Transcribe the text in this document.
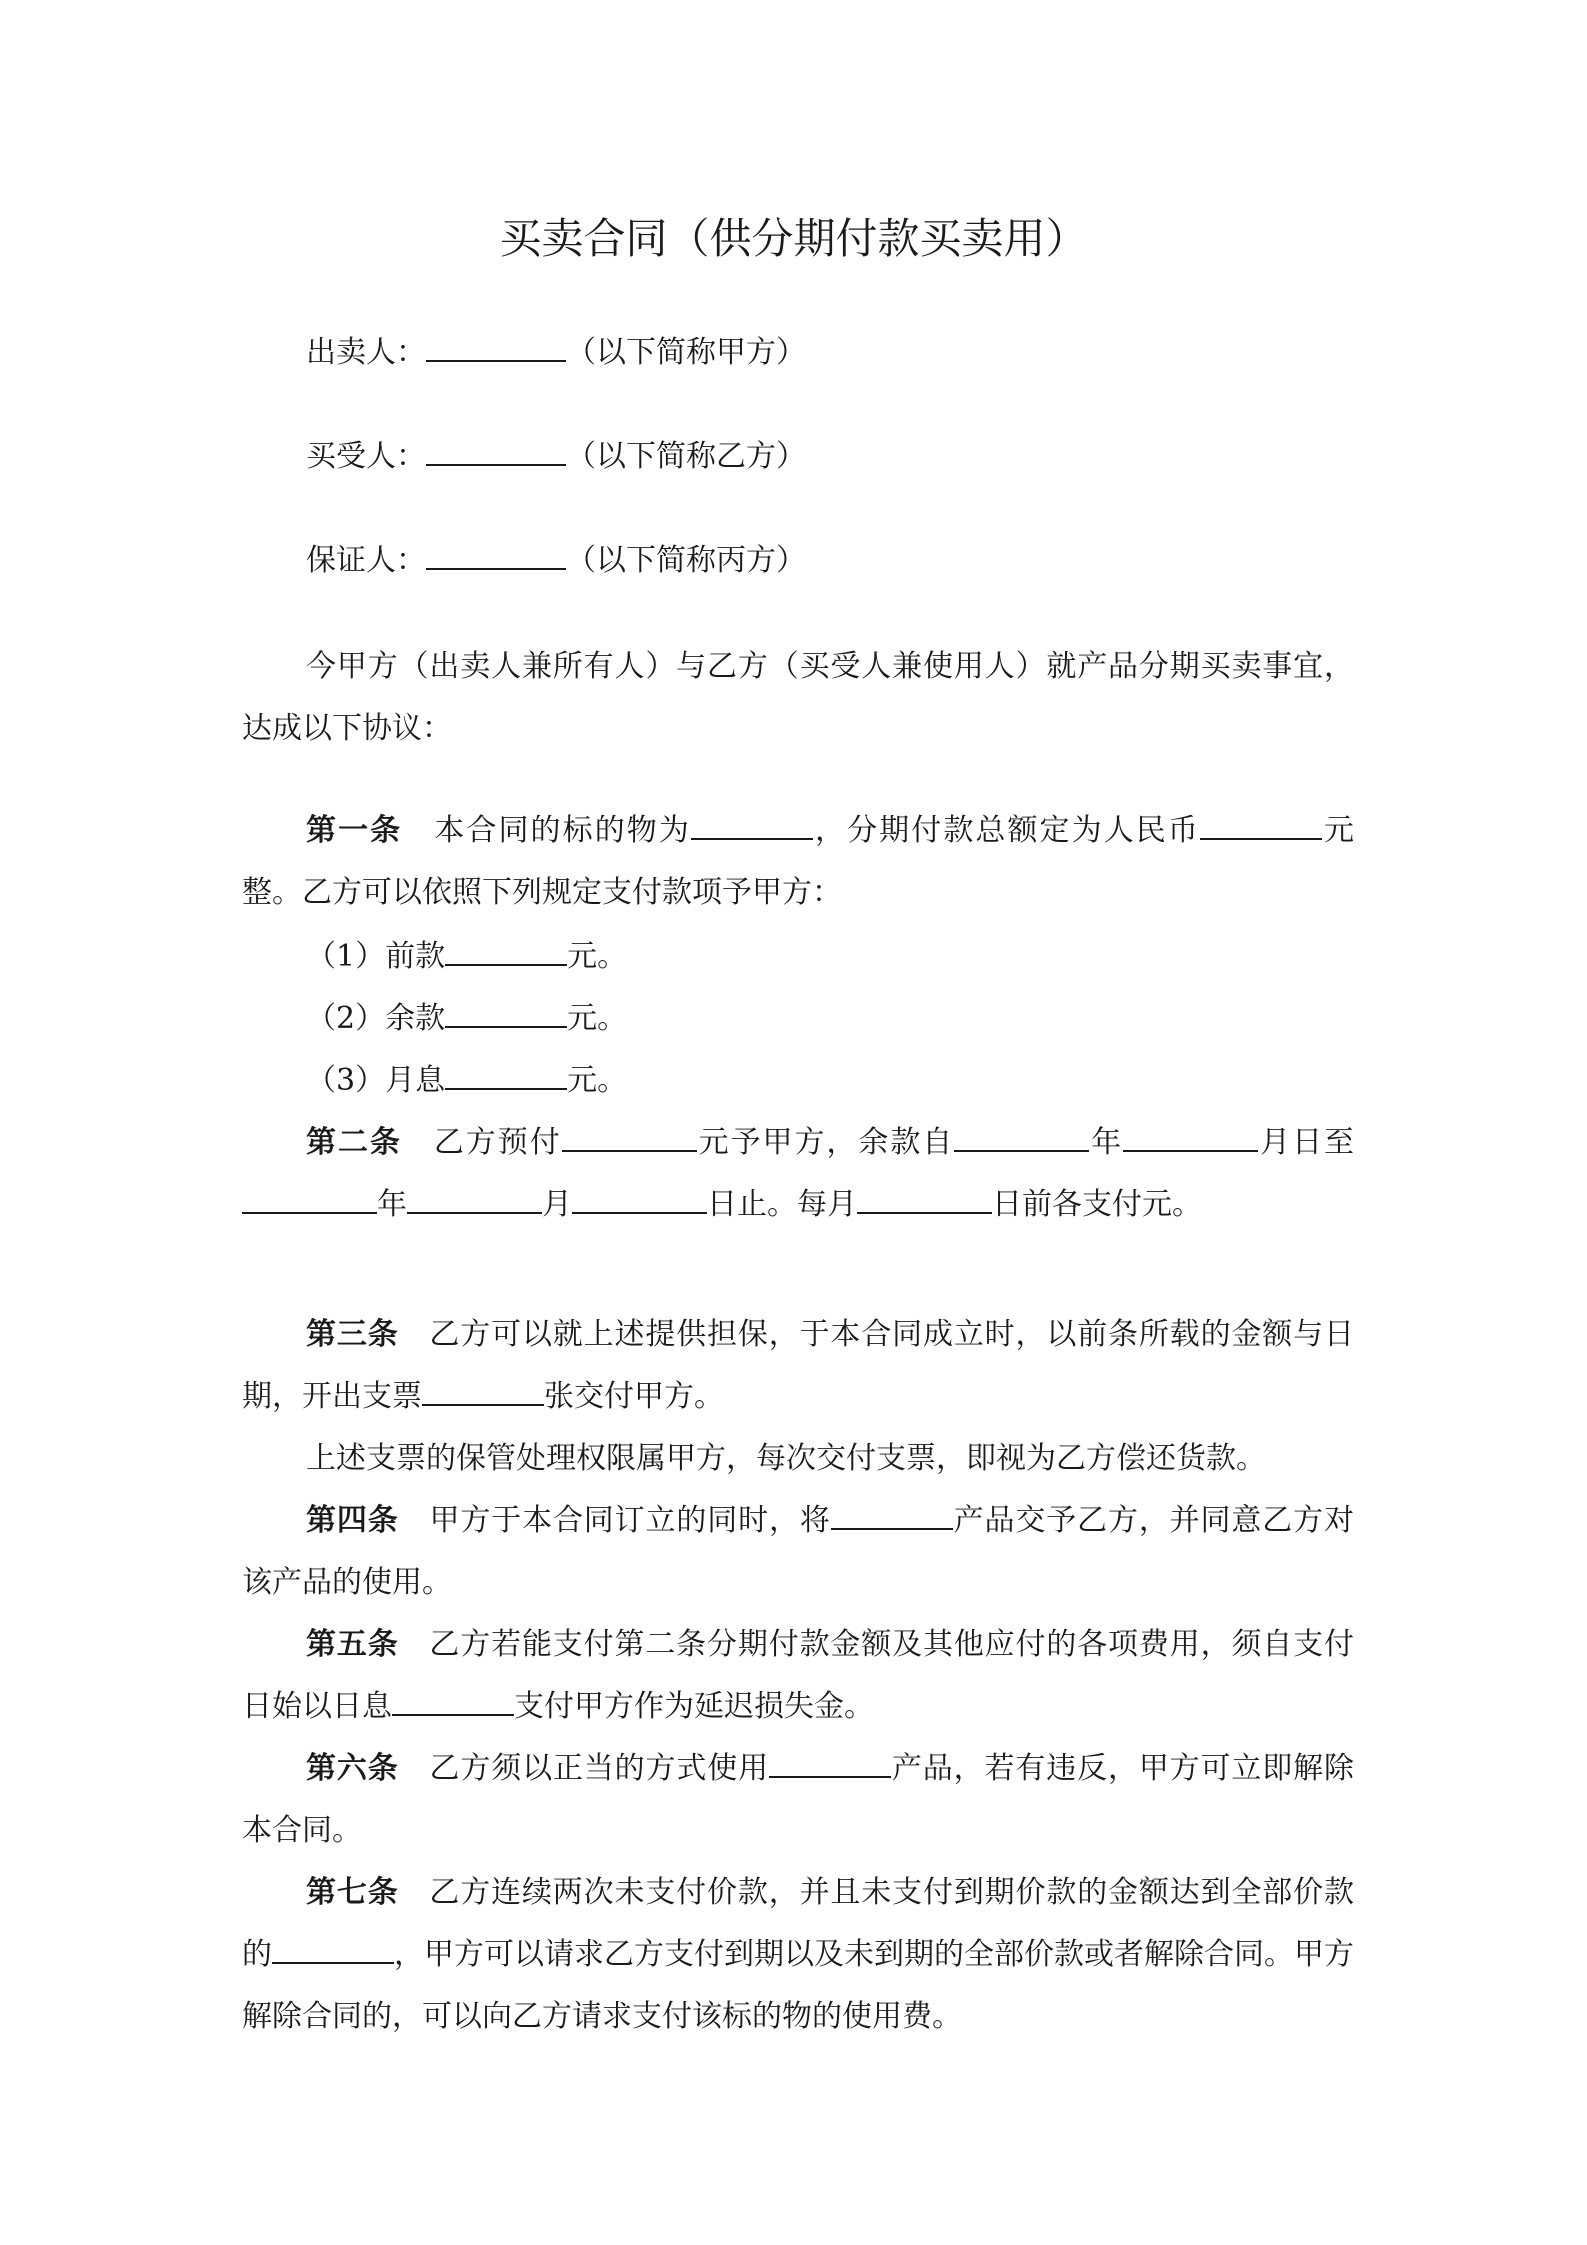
买卖合同（供分期付款买卖用）

出卖人：	（以下简称甲方）

买受人：	（以下简称乙方）

保证人：	（以下简称丙方）

今甲方（出卖人兼所有人）与乙方（买受人兼使用人）就产品分期买卖事宜，达成以下协议：

第一条 本合同的标的物为	，分期付款总额定为人民币	元整。乙方可以依照下列规定支付款项予甲方：

（1）前款	元。

（2）余款	元。

（3）月息	元。

第二条 乙方预付	元予甲方，余款自	年	月日至年	月	日止。每月	日前各支付元。

第三条 乙方可以就上述提供担保，于本合同成立时，以前条所载的金额与日期，开出支票	张交付甲方。

上述支票的保管处理权限属甲方，每次交付支票，即视为乙方偿还货款。

第四条 甲方于本合同订立的同时，将	产品交予乙方，并同意乙方对该产品的使用。

第五条 乙方若能支付第二条分期付款金额及其他应付的各项费用，须自支付日始以日息	支付甲方作为延迟损失金。

第六条 乙方须以正当的方式使用	产品，若有违反，甲方可立即解除本合同。

第七条 乙方连续两次未支付价款，并且未支付到期价款的金额达到全部价款的	，甲方可以请求乙方支付到期以及未到期的全部价款或者解除合同。甲方解除合同的，可以向乙方请求支付该标的物的使用费。
